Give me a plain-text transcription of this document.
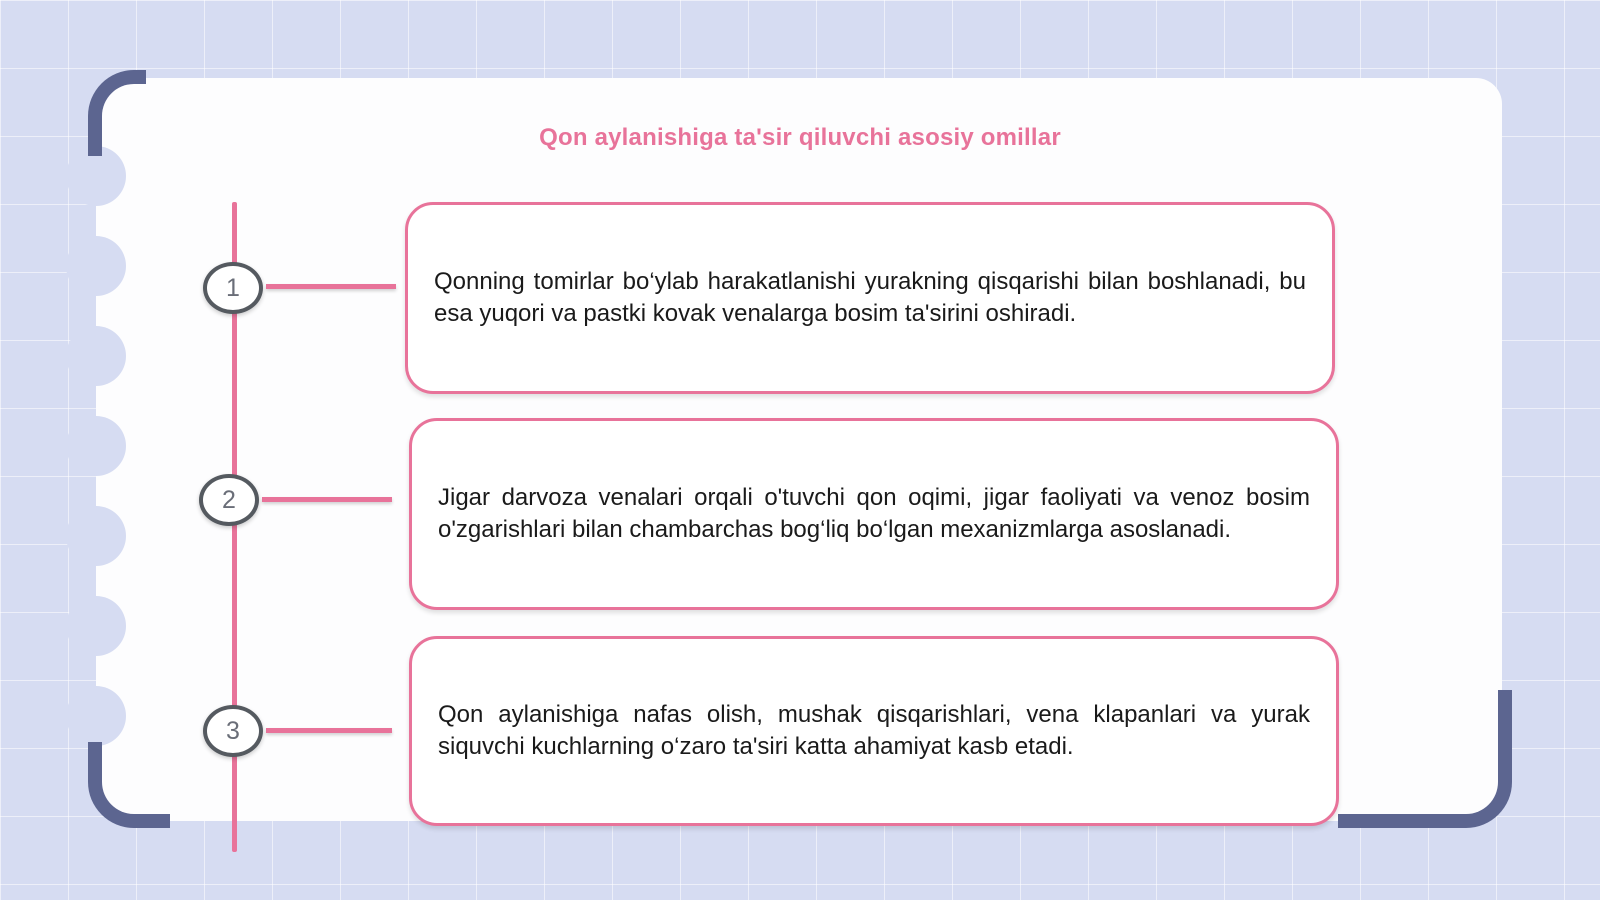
Qon aylanishiga ta'sir qiluvchi asosiy omillar
1	Qonning tomirlar bo‘ylab harakatlanishi yurakning qisqarishi bilan boshlanadi, bu esa yuqori va pastki kovak venalarga bosim ta'sirini oshiradi.
2	Jigar darvoza venalari orqali o'tuvchi qon oqimi, jigar faoliyati va venoz bosim o'zgarishlari bilan chambarchas bog‘liq bo‘lgan mexanizmlarga asoslanadi.
3
Qon aylanishiga nafas olish, mushak qisqarishlari, vena klapanlari va yurak siquvchi kuchlarning o‘zaro ta'siri katta ahamiyat kasb etadi.
